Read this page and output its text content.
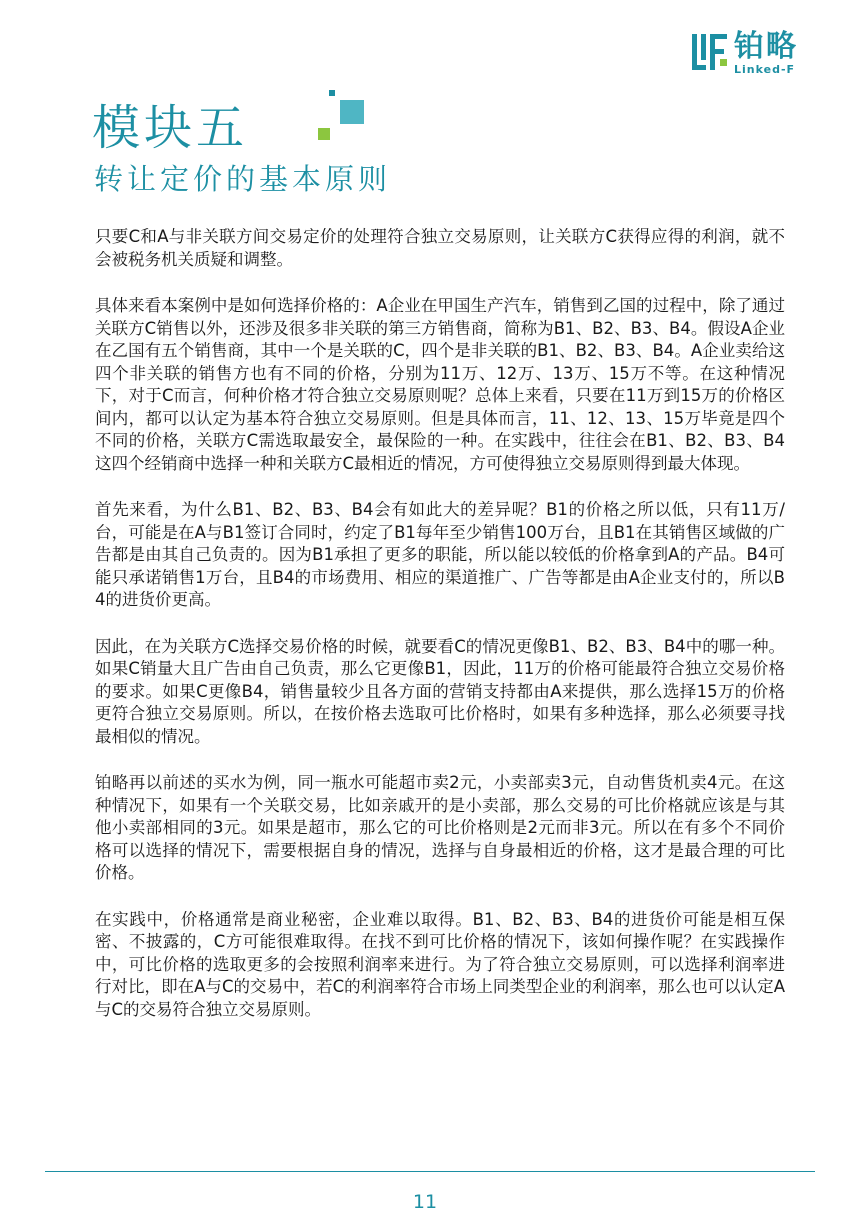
铂略
Linked-F
模块五
转让定价的基本原则

只要C和A与非关联方间交易定价的处理符合独立交易原则，让关联方C获得应得的利润，就不会被税务机关质疑和调整。

具体来看本案例中是如何选择价格的：A企业在甲国生产汽车，销售到乙国的过程中，除了通过关联方C销售以外，还涉及很多非关联的第三方销售商，简称为B1、B2、B3、B4。假设A企业在乙国有五个销售商，其中一个是关联的C，四个是非关联的B1、B2、B3、B4。A企业卖给这四个非关联的销售方也有不同的价格，分别为11万、12万、13万、15万不等。在这种情况下，对于C而言，何种价格才符合独立交易原则呢？总体上来看，只要在11万到15万的价格区间内，都可以认定为基本符合独立交易原则。但是具体而言，11、12、13、15万毕竟是四个不同的价格，关联方C需选取最安全，最保险的一种。在实践中，往往会在B1、B2、B3、B4这四个经销商中选择一种和关联方C最相近的情况，方可使得独立交易原则得到最大体现。

首先来看，为什么B1、B2、B3、B4会有如此大的差异呢？B1的价格之所以低，只有11万/台，可能是在A与B1签订合同时，约定了B1每年至少销售100万台，且B1在其销售区域做的广告都是由其自己负责的。因为B1承担了更多的职能，所以能以较低的价格拿到A的产品。B4可能只承诺销售1万台，且B4的市场费用、相应的渠道推广、广告等都是由A企业支付的，所以B4的进货价更高。

因此，在为关联方C选择交易价格的时候，就要看C的情况更像B1、B2、B3、B4中的哪一种。如果C销量大且广告由自己负责，那么它更像B1，因此，11万的价格可能最符合独立交易价格的要求。如果C更像B4，销售量较少且各方面的营销支持都由A来提供，那么选择15万的价格更符合独立交易原则。所以，在按价格去选取可比价格时，如果有多种选择，那么必须要寻找最相似的情况。

铂略再以前述的买水为例，同一瓶水可能超市卖2元，小卖部卖3元，自动售货机卖4元。在这种情况下，如果有一个关联交易，比如亲戚开的是小卖部，那么交易的可比价格就应该是与其他小卖部相同的3元。如果是超市，那么它的可比价格则是2元而非3元。所以在有多个不同价格可以选择的情况下，需要根据自身的情况，选择与自身最相近的价格，这才是最合理的可比价格。

在实践中，价格通常是商业秘密，企业难以取得。B1、B2、B3、B4的进货价可能是相互保密、不披露的，C方可能很难取得。在找不到可比价格的情况下，该如何操作呢？在实践操作中，可比价格的选取更多的会按照利润率来进行。为了符合独立交易原则，可以选择利润率进行对比，即在A与C的交易中，若C的利润率符合市场上同类型企业的利润率，那么也可以认定A与C的交易符合独立交易原则。

11
